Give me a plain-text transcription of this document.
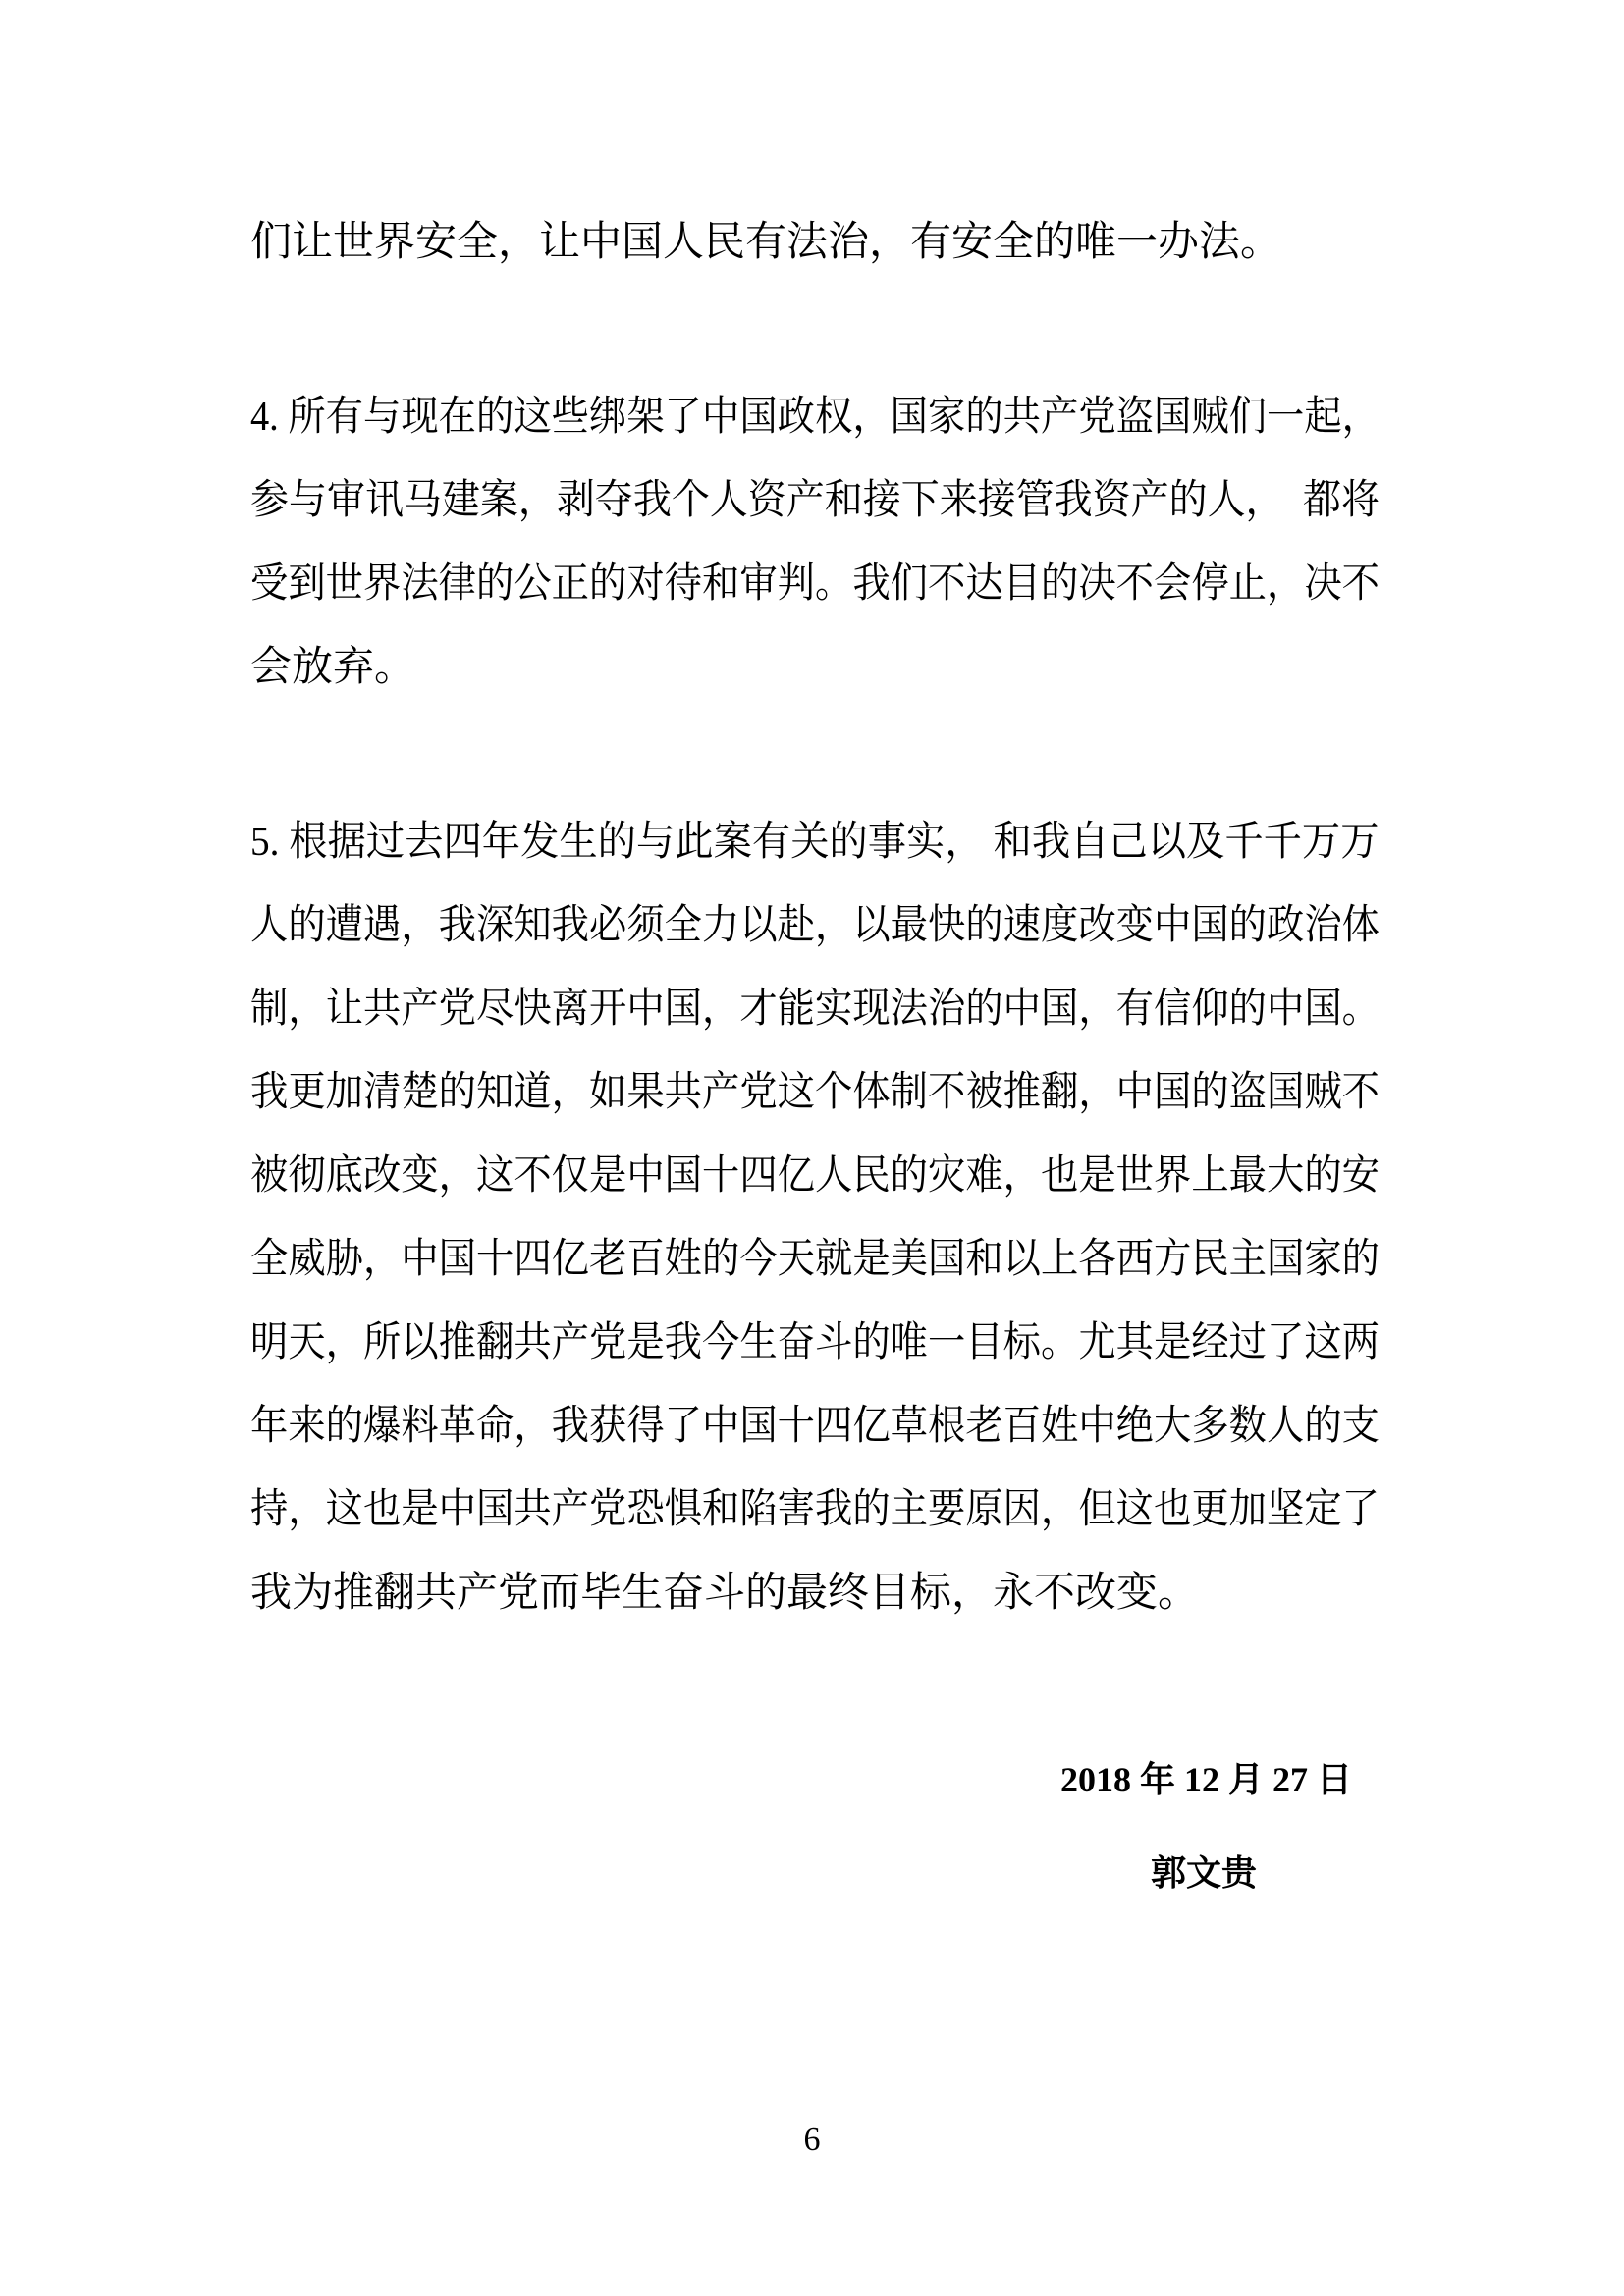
们让世界安全，让中国人民有法治，有安全的唯一办法。
4. 所有与现在的这些绑架了中国政权，国家的共产党盗国贼们一起，
参与审讯马建案，剥夺我个人资产和接下来接管我资产的人，　都将
受到世界法律的公正的对待和审判。我们不达目的决不会停止，决不
会放弃。
5. 根据过去四年发生的与此案有关的事实， 和我自己以及千千万万
人的遭遇，我深知我必须全力以赴，以最快的速度改变中国的政治体
制，让共产党尽快离开中国，才能实现法治的中国，有信仰的中国。
我更加清楚的知道，如果共产党这个体制不被推翻，中国的盗国贼不
被彻底改变，这不仅是中国十四亿人民的灾难，也是世界上最大的安
全威胁，中国十四亿老百姓的今天就是美国和以上各西方民主国家的
明天，所以推翻共产党是我今生奋斗的唯一目标。尤其是经过了这两
年来的爆料革命，我获得了中国十四亿草根老百姓中绝大多数人的支
持，这也是中国共产党恐惧和陷害我的主要原因，但这也更加坚定了
我为推翻共产党而毕生奋斗的最终目标，永不改变。
2018 年 12 月 27 日
郭文贵
6
